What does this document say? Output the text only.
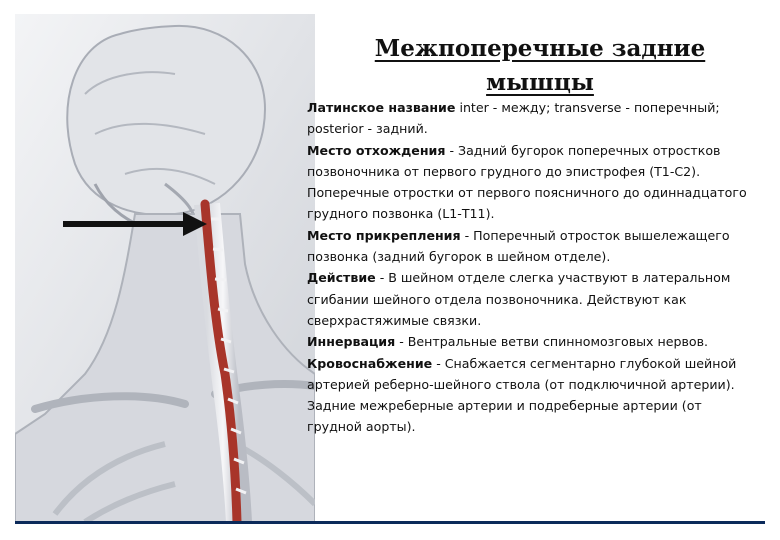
Межпоперечные задние мышцы

Латинское название inter - между; transverse - поперечный; posterior - задний.

Место отхождения - Задний бугорок поперечных отростков позвоночника от первого грудного до эпистрофея (Т1-С2). Поперечные отростки от первого поясничного до одиннадцатого грудного позвонка (L1-Т11).

Место прикрепления - Поперечный отросток вышележащего позвонка (задний бугорок в шейном отделе).

Действие - В шейном отделе слегка участвуют в латеральном сгибании шейного отдела позвоночника. Действуют как сверхрастяжимые связки.

Иннервация - Вентральные ветви спинномозговых нервов.

Кровоснабжение - Снабжается сегментарно глубокой шейной артерией реберно-шейного ствола (от подключичной артерии). Задние межреберные артерии и подреберные артерии (от грудной аорты).
